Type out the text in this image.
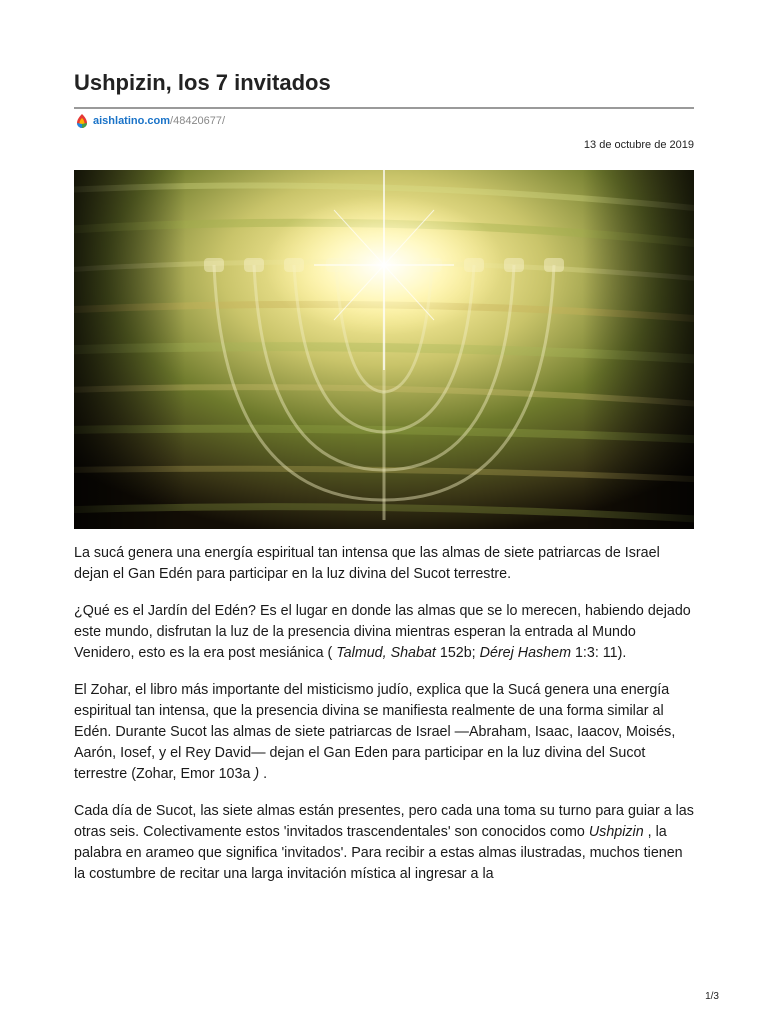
Ushpizin, los 7 invitados
aishlatino.com /48420677/
13 de octubre de 2019

La sucá genera una energía espiritual tan intensa que las almas de siete patriarcas de Israel dejan el Gan Edén para participar en la luz divina del Sucot terrestre.

¿Qué es el Jardín del Edén? Es el lugar en donde las almas que se lo merecen, habiendo dejado este mundo, disfrutan la luz de la presencia divina mientras esperan la entrada al Mundo Venidero, esto es la era post mesiánica ( Talmud, Shabat 152b; Dérej Hashem 1:3: 11).

El Zohar, el libro más importante del misticismo judío, explica que la Sucá genera una energía espiritual tan intensa, que la presencia divina se manifiesta realmente de una forma similar al Edén. Durante Sucot las almas de siete patriarcas de Israel —Abraham, Isaac, Iaacov, Moisés, Aarón, Iosef, y el Rey David— dejan el Gan Eden para participar en la luz divina del Sucot terrestre (Zohar, Emor 103a ) .

Cada día de Sucot, las siete almas están presentes, pero cada una toma su turno para guiar a las otras seis. Colectivamente estos 'invitados trascendentales' son conocidos como Ushpizin , la palabra en arameo que significa 'invitados'. Para recibir a estas almas ilustradas, muchos tienen la costumbre de recitar una larga invitación mística al ingresar a la

1/3
